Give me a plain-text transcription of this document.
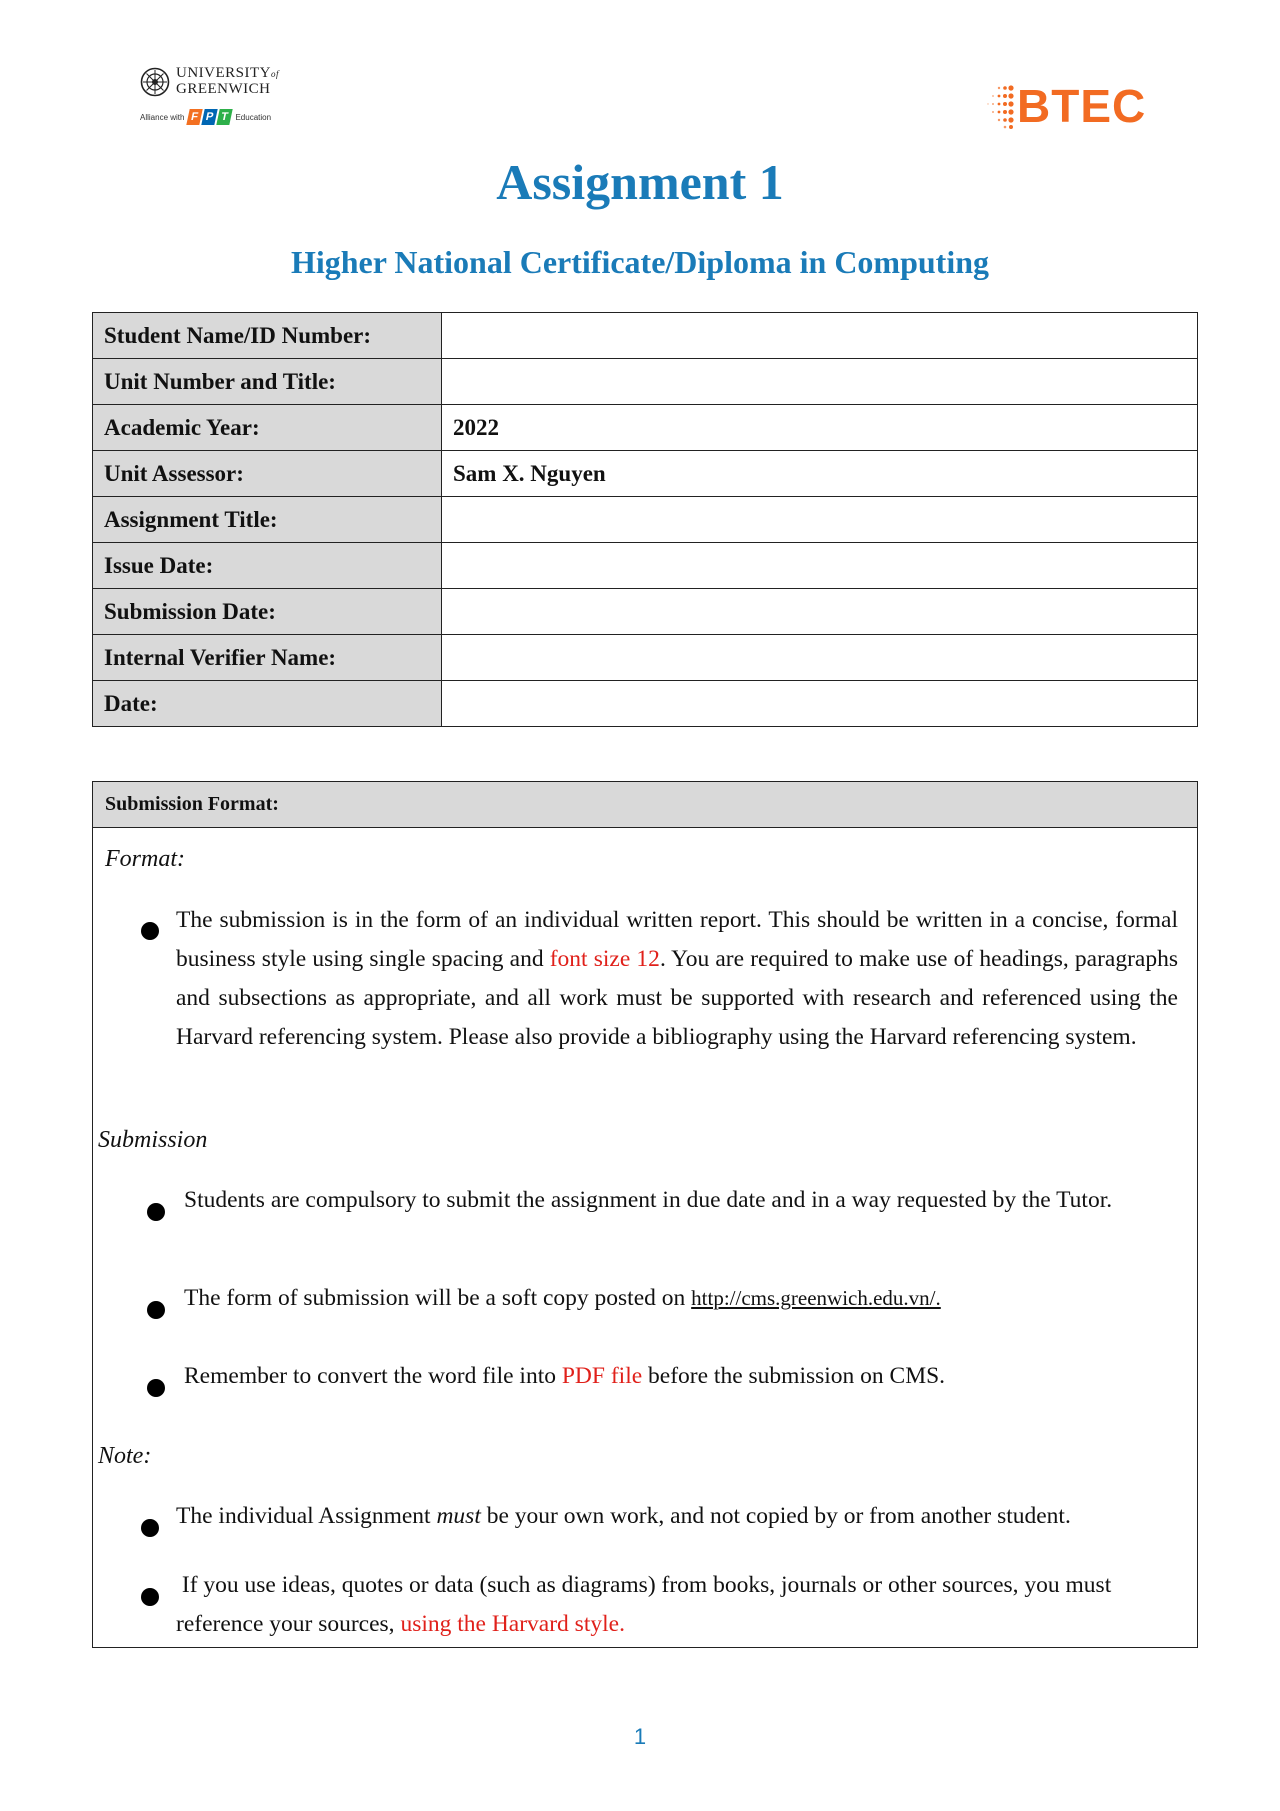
UNIVERSITYof
GREENWICH
Alliance with F P T Education	BTEC
Assignment 1
Higher National Certificate/Diploma in Computing
Student Name/ID Number:	
Unit Number and Title:	
Academic Year:	2022
Unit Assessor:	Sam X. Nguyen
Assignment Title:	
Issue Date:	
Submission Date:	
Internal Verifier Name:	
Date:	
Submission Format:
Format:
The submission is in the form of an individual written report. This should be written in a concise, formal business style using single spacing and font size 12. You are required to make use of headings, paragraphs and subsections as appropriate, and all work must be supported with research and referenced using the Harvard referencing system. Please also provide a bibliography using the Harvard referencing system.
Submission
Students are compulsory to submit the assignment in due date and in a way requested by the Tutor.
The form of submission will be a soft copy posted on http://cms.greenwich.edu.vn/.
Remember to convert the word file into PDF file before the submission on CMS.
Note:
The individual Assignment must be your own work, and not copied by or from another student.
If you use ideas, quotes or data (such as diagrams) from books, journals or other sources, you must reference your sources, using the Harvard style.
1
